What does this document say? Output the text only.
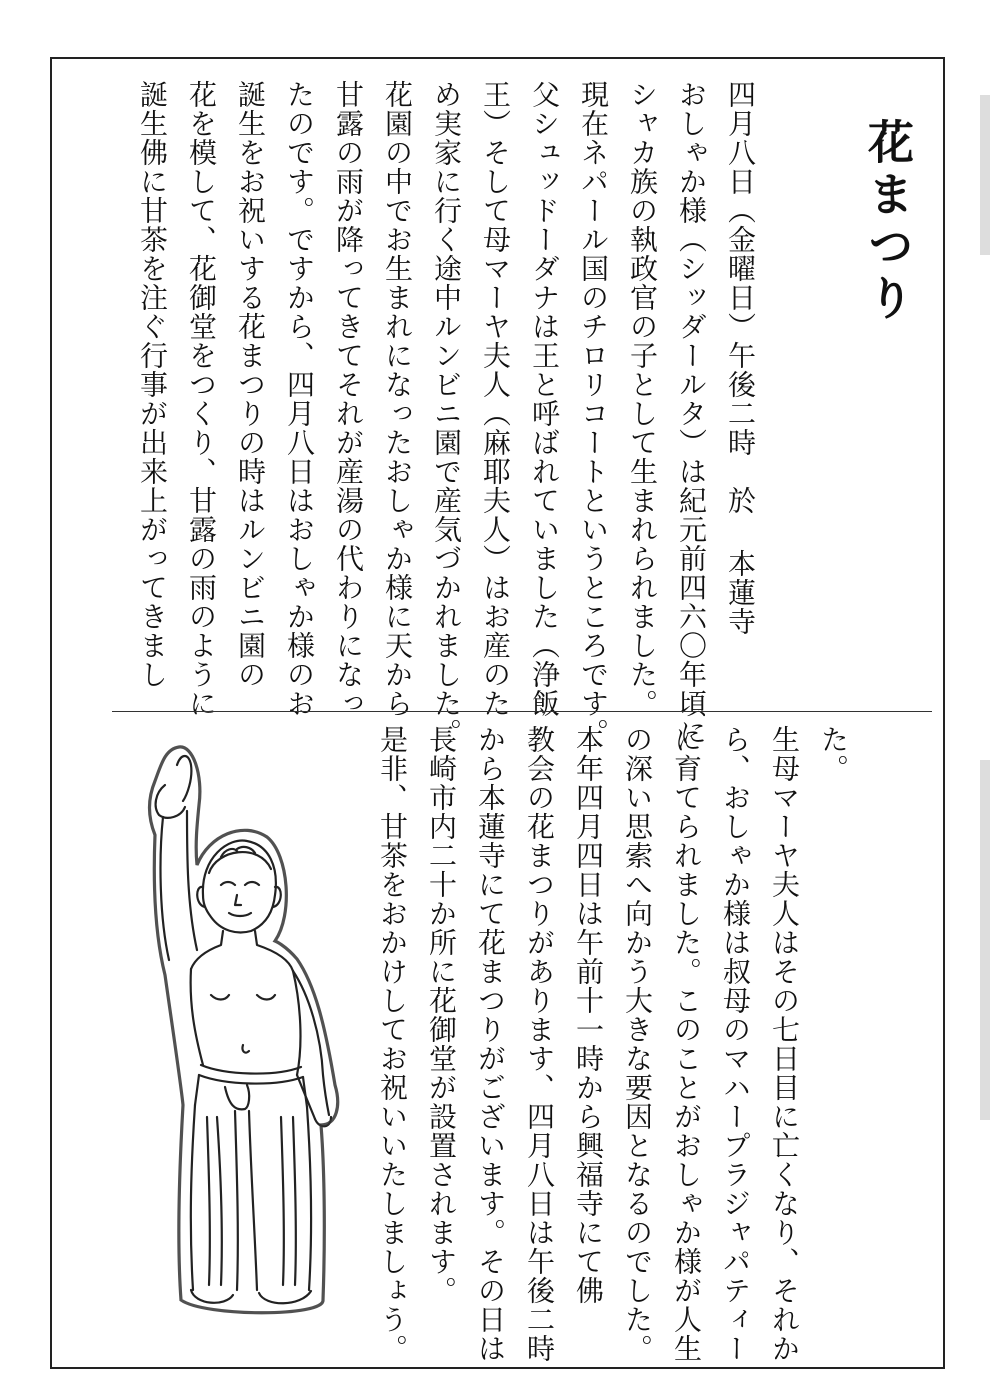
花まつり
四月八日（金曜日）午後二時　於 本蓮寺
おしゃか様（シッダールタ）は紀元前四六〇年頃に
シャカ族の執政官の子として生まれられました。
現在ネパール国のチロリコートというところです。
父シュッドーダナは王と呼ばれていました（浄飯
王）そして母マーヤ夫人（麻耶夫人）はお産のた
め実家に行く途中ルンビニ園で産気づかれました。
花園の中でお生まれになったおしゃか様に天から
甘露の雨が降ってきてそれが産湯の代わりになっ
たのです。ですから、四月八日はおしゃか様のお
誕生をお祝いする花まつりの時はルンビニ園の
花を模して、花御堂をつくり、甘露の雨のように
誕生佛に甘茶を注ぐ行事が出来上がってきまし
た。
生母マーヤ夫人はその七日目に亡くなり、それか
ら、おしゃか様は叔母のマハープラジャパティー
に育てられました。このことがおしゃか様が人生
の深い思索へ向かう大きな要因となるのでした。
本年四月四日は午前十一時から興福寺にて佛
教会の花まつりがあります、四月八日は午後二時
から本蓮寺にて花まつりがございます。その日は
長崎市内二十か所に花御堂が設置されます。
是非、甘茶をおかけしてお祝いいたしましょう。
